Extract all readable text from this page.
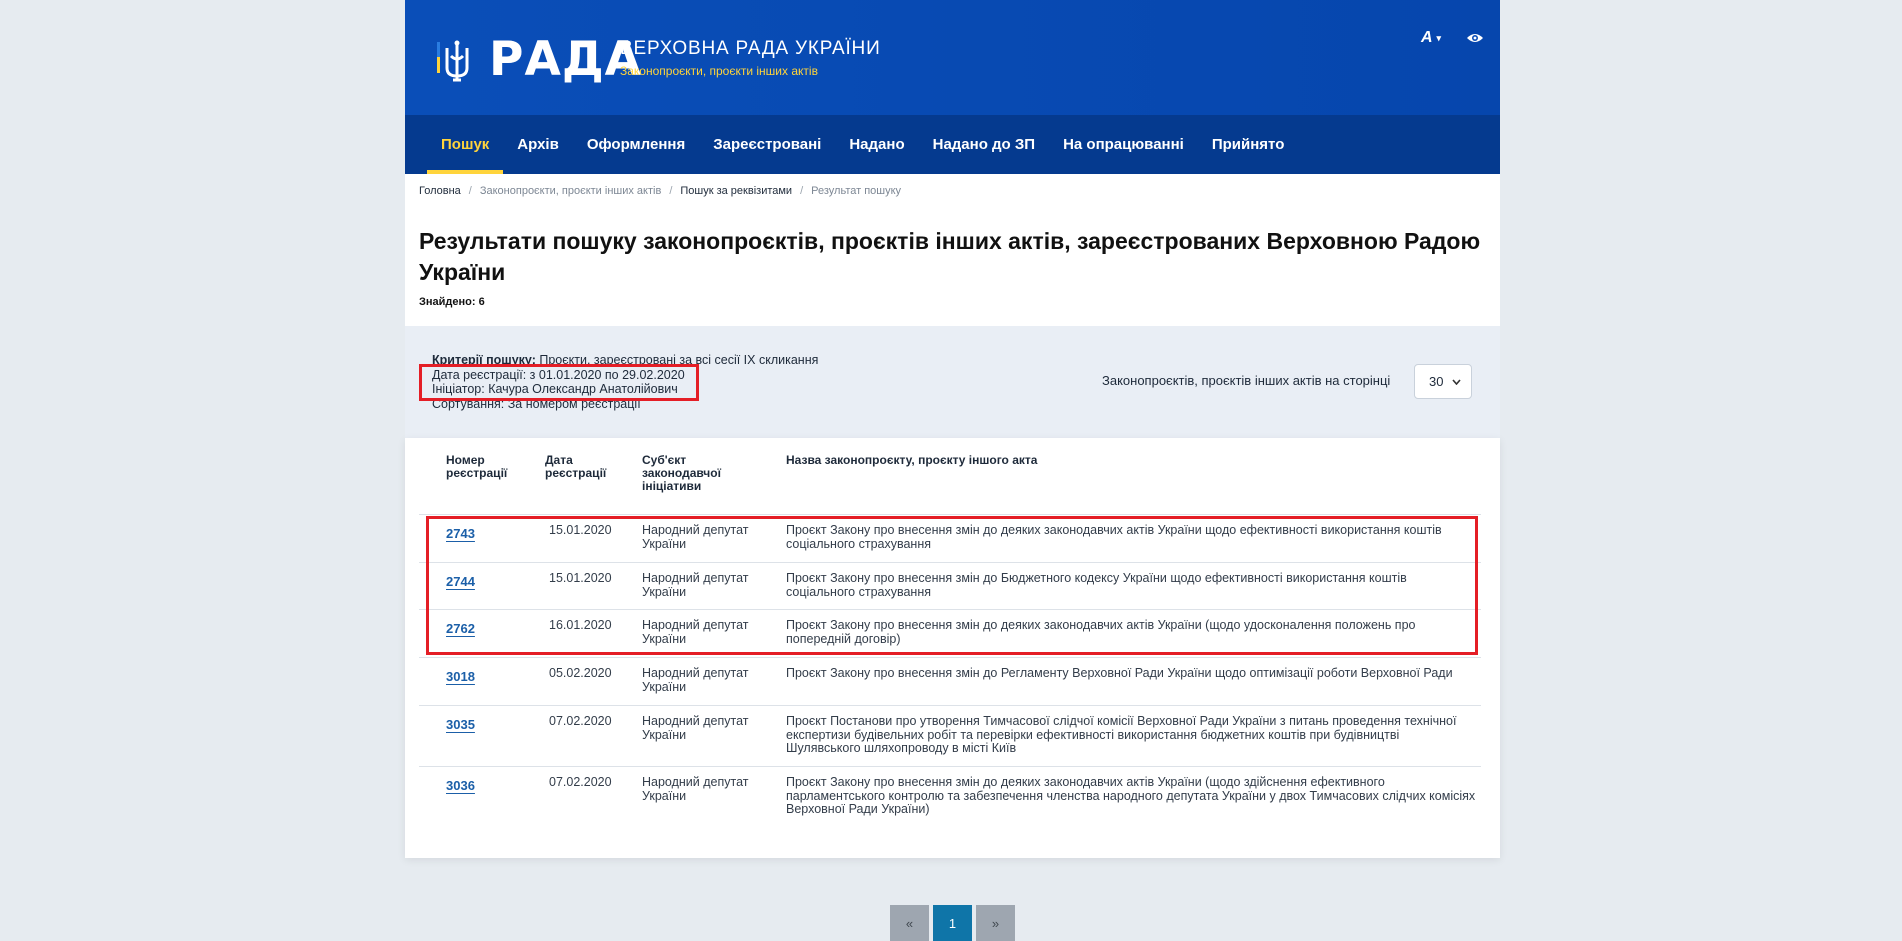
РАДА
ВЕРХОВНА РАДА УКРАЇНИ
Законопроєкти, проєкти інших актів
A ▾
Пошук	Архів	Оформлення	Зареєстровані	Надано	Надано до ЗП	На опрацюванні	Прийнято
Головна / Законопроєкти, проєкти інших актів / Пошук за реквізитами / Результат пошуку
Результати пошуку законопроєктів, проєктів інших актів, зареєстрованих Верховною Радою України
Знайдено: 6
Критерії пошуку: Проєкти, зареєстровані за всі сесії IX скликання
Дата реєстрації: з 01.01.2020 по 29.02.2020
Ініціатор: Качура Олександр Анатолійович
Сортування: За номером реєстрації
Законопроєктів, проєктів інших актів на сторінці	30
Номер реєстрації
Дата реєстрації
Суб'єкт законодавчої ініціативи
Назва законопроєкту, проєкту іншого акта
2743	15.01.2020 Народний депутат України
Проєкт Закону про внесення змін до деяких законодавчих актів України щодо ефективності використання коштів соціального страхування
2744	15.01.2020 Народний депутат України
Проєкт Закону про внесення змін до Бюджетного кодексу України щодо ефективності використання коштів соціального страхування
2762	16.01.2020 Народний депутат України
Проєкт Закону про внесення змін до деяких законодавчих актів України (щодо удосконалення положень про попередній договір)
3018	05.02.2020 Народний депутат України
Проєкт Закону про внесення змін до Регламенту Верховної Ради України щодо оптимізації роботи Верховної Ради
3035	07.02.2020 Народний депутат України
Проєкт Постанови про утворення Тимчасової слідчої комісії Верховної Ради України з питань проведення технічної експертизи будівельних робіт та перевірки ефективності використання бюджетних коштів при будівництві Шулявського шляхопроводу в місті Київ
3036	07.02.2020 Народний депутат України
Проєкт Закону про внесення змін до деяких законодавчих актів України (щодо здійснення ефективного парламентського контролю та забезпечення членства народного депутата України у двох Тимчасових слідчих комісіях Верховної Ради України)
«	1	»
